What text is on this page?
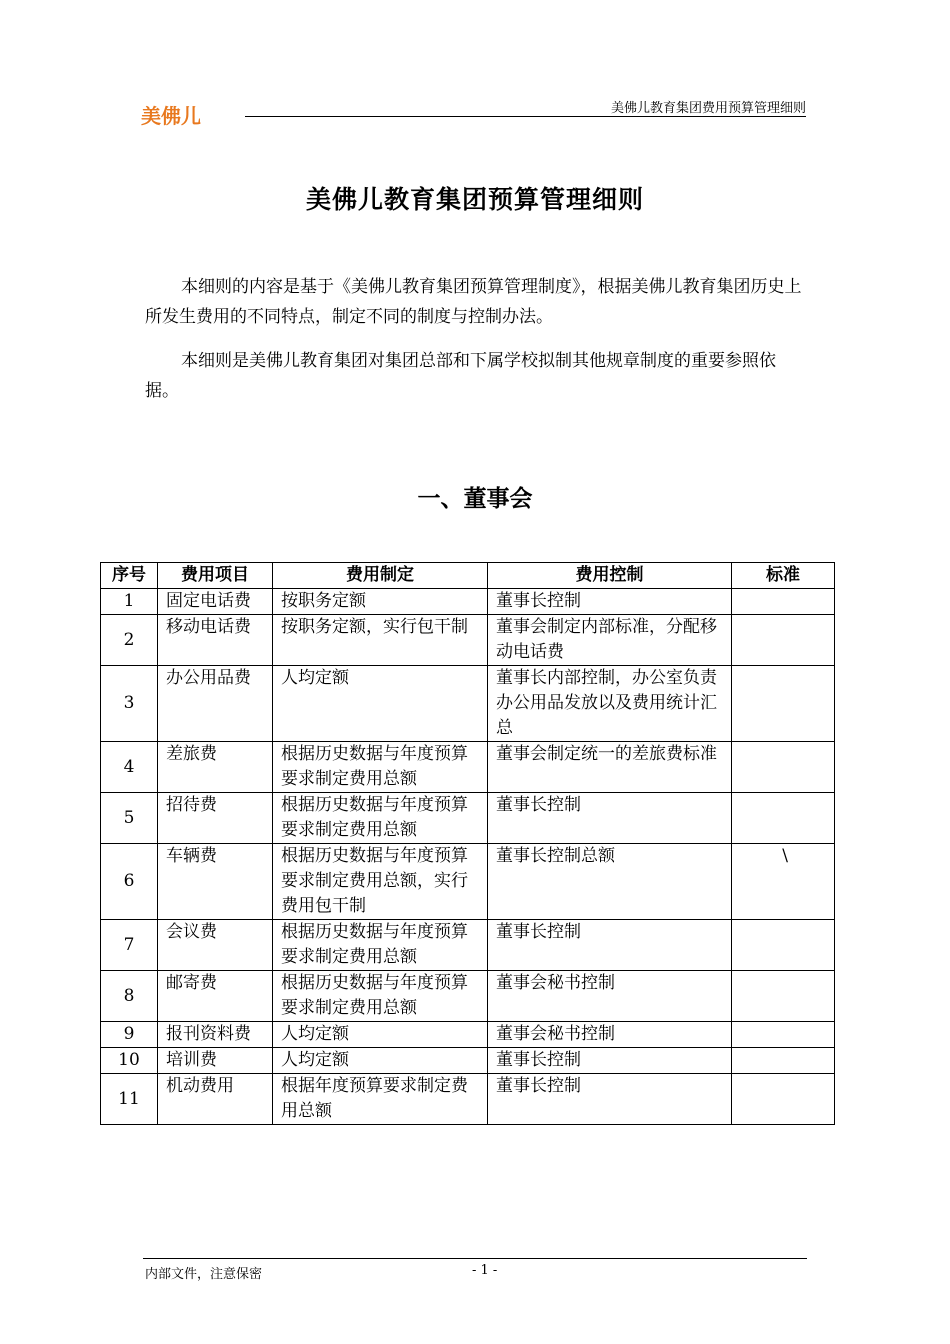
美佛儿	美佛儿教育集团费用预算管理细则
美佛儿教育集团预算管理细则
本细则的内容是基于《美佛儿教育集团预算管理制度》，根据美佛儿教育集团历史上所发生费用的不同特点，制定不同的制度与控制办法。
本细则是美佛儿教育集团对集团总部和下属学校拟制其他规章制度的重要参照依据。
一、董事会
序号	费用项目	费用制定	费用控制	标准
1	固定电话费	按职务定额	董事长控制	
2	移动电话费	按职务定额，实行包干制	董事会制定内部标准，分配移动电话费	
3	办公用品费	人均定额	董事长内部控制，办公室负责办公用品发放以及费用统计汇总	
4	差旅费	根据历史数据与年度预算要求制定费用总额	董事会制定统一的差旅费标准	
5	招待费	根据历史数据与年度预算要求制定费用总额	董事长控制	
6	车辆费	根据历史数据与年度预算要求制定费用总额，实行费用包干制	董事长控制总额	\
7	会议费	根据历史数据与年度预算要求制定费用总额	董事长控制	
8	邮寄费	根据历史数据与年度预算要求制定费用总额	董事会秘书控制	
9	报刊资料费	人均定额	董事会秘书控制	
10	培训费	人均定额	董事长控制	
11	机动费用	根据年度预算要求制定费用总额	董事长控制	
内部文件，注意保密	- 1 -
